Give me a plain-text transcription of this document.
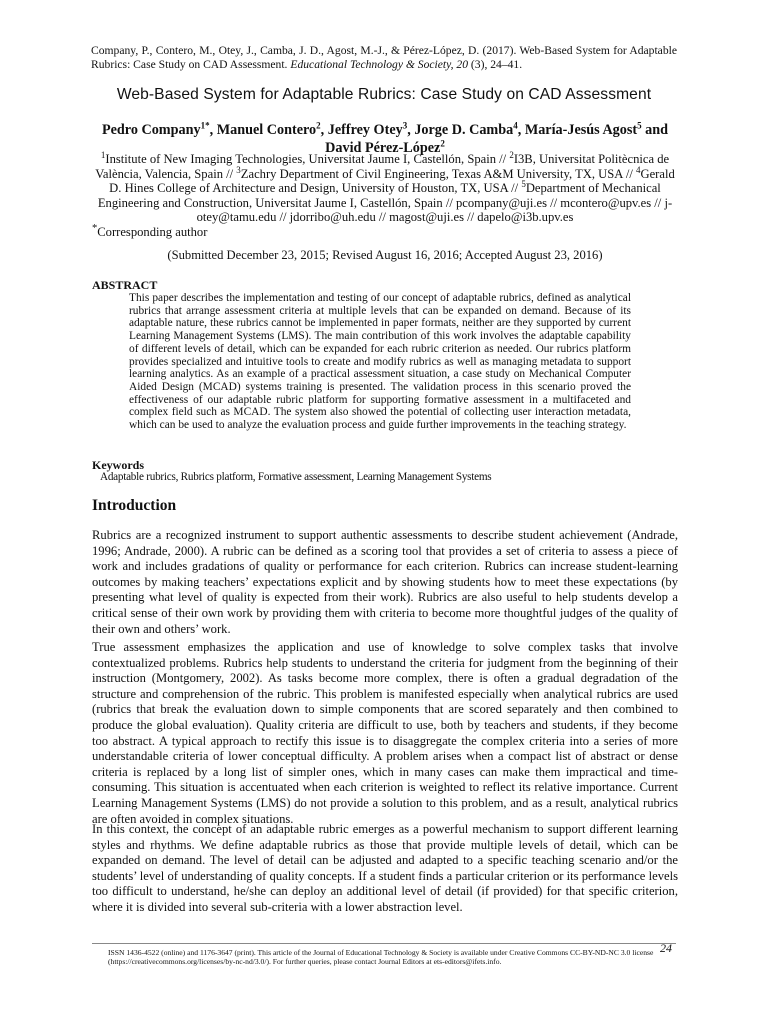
Company, P., Contero, M., Otey, J., Camba, J. D., Agost, M.-J., & Pérez-López, D. (2017). Web-Based System for Adaptable Rubrics: Case Study on CAD Assessment. Educational Technology & Society, 20 (3), 24–41.
Web-Based System for Adaptable Rubrics: Case Study on CAD Assessment
Pedro Company$^{1*}$, Manuel Contero$^2$, Jeffrey Otey$^3$, Jorge D. Camba$^4$, María-Jesús Agost$^5$ and David Pérez-López$^2$
$^1$Institute of New Imaging Technologies, Universitat Jaume I, Castellón, Spain // $^2$I3B, Universitat Politècnica de València, Valencia, Spain // $^3$Zachry Department of Civil Engineering, Texas A&M University, TX, USA // $^4$Gerald D. Hines College of Architecture and Design, University of Houston, TX, USA // $^5$Department of Mechanical Engineering and Construction, Universitat Jaume I, Castellón, Spain // pcompany@uji.es // mcontero@upv.es // j-otey@tamu.edu // jdorribo@uh.edu // magost@uji.es // dapelo@i3b.upv.es
*Corresponding author
(Submitted December 23, 2015; Revised August 16, 2016; Accepted August 23, 2016)
ABSTRACT
This paper describes the implementation and testing of our concept of adaptable rubrics, defined as analytical rubrics that arrange assessment criteria at multiple levels that can be expanded on demand. Because of its adaptable nature, these rubrics cannot be implemented in paper formats, neither are they supported by current Learning Management Systems (LMS). The main contribution of this work involves the adaptable capability of different levels of detail, which can be expanded for each rubric criterion as needed. Our rubrics platform provides specialized and intuitive tools to create and modify rubrics as well as managing metadata to support learning analytics. As an example of a practical assessment situation, a case study on Mechanical Computer Aided Design (MCAD) systems training is presented. The validation process in this scenario proved the effectiveness of our adaptable rubric platform for supporting formative assessment in a multifaceted and complex field such as MCAD. The system also showed the potential of collecting user interaction metadata, which can be used to analyze the evaluation process and guide further improvements in the teaching strategy.
Keywords
Adaptable rubrics, Rubrics platform, Formative assessment, Learning Management Systems
Introduction
Rubrics are a recognized instrument to support authentic assessments to describe student achievement (Andrade, 1996; Andrade, 2000). A rubric can be defined as a scoring tool that provides a set of criteria to assess a piece of work and includes gradations of quality or performance for each criterion. Rubrics can increase student-learning outcomes by making teachers’ expectations explicit and by showing students how to meet these expectations (by presenting what level of quality is expected from their work). Rubrics are also useful to help students develop a critical sense of their own work by providing them with criteria to become more thoughtful judges of the quality of their own and others’ work.
True assessment emphasizes the application and use of knowledge to solve complex tasks that involve contextualized problems. Rubrics help students to understand the criteria for judgment from the beginning of their instruction (Montgomery, 2002). As tasks become more complex, there is often a gradual degradation of the structure and comprehension of the rubric. This problem is manifested especially when analytical rubrics are used (rubrics that break the evaluation down to simple components that are scored separately and then combined to produce the global evaluation). Quality criteria are difficult to use, both by teachers and students, if they become too abstract. A typical approach to rectify this issue is to disaggregate the complex criteria into a series of more understandable criteria of lower conceptual difficulty. A problem arises when a compact list of abstract or dense criteria is replaced by a long list of simpler ones, which in many cases can make them impractical and time-consuming. This situation is accentuated when each criterion is weighted to reflect its relative importance. Current Learning Management Systems (LMS) do not provide a solution to this problem, and as a result, analytical rubrics are often avoided in complex situations.
In this context, the concept of an adaptable rubric emerges as a powerful mechanism to support different learning styles and rhythms. We define adaptable rubrics as those that provide multiple levels of detail, which can be expanded on demand. The level of detail can be adjusted and adapted to a specific teaching scenario and/or the students’ level of understanding of quality concepts. If a student finds a particular criterion or its performance levels too difficult to understand, he/she can deploy an additional level of detail (if provided) for that specific criterion, where it is divided into several sub-criteria with a lower abstraction level.
ISSN 1436-4522 (online) and 1176-3647 (print). This article of the Journal of Educational Technology & Society is available under Creative Commons CC-BY-ND-NC 3.0 license (https://creativecommons.org/licenses/by-nc-nd/3.0/). For further queries, please contact Journal Editors at ets-editors@ifets.info.
24
